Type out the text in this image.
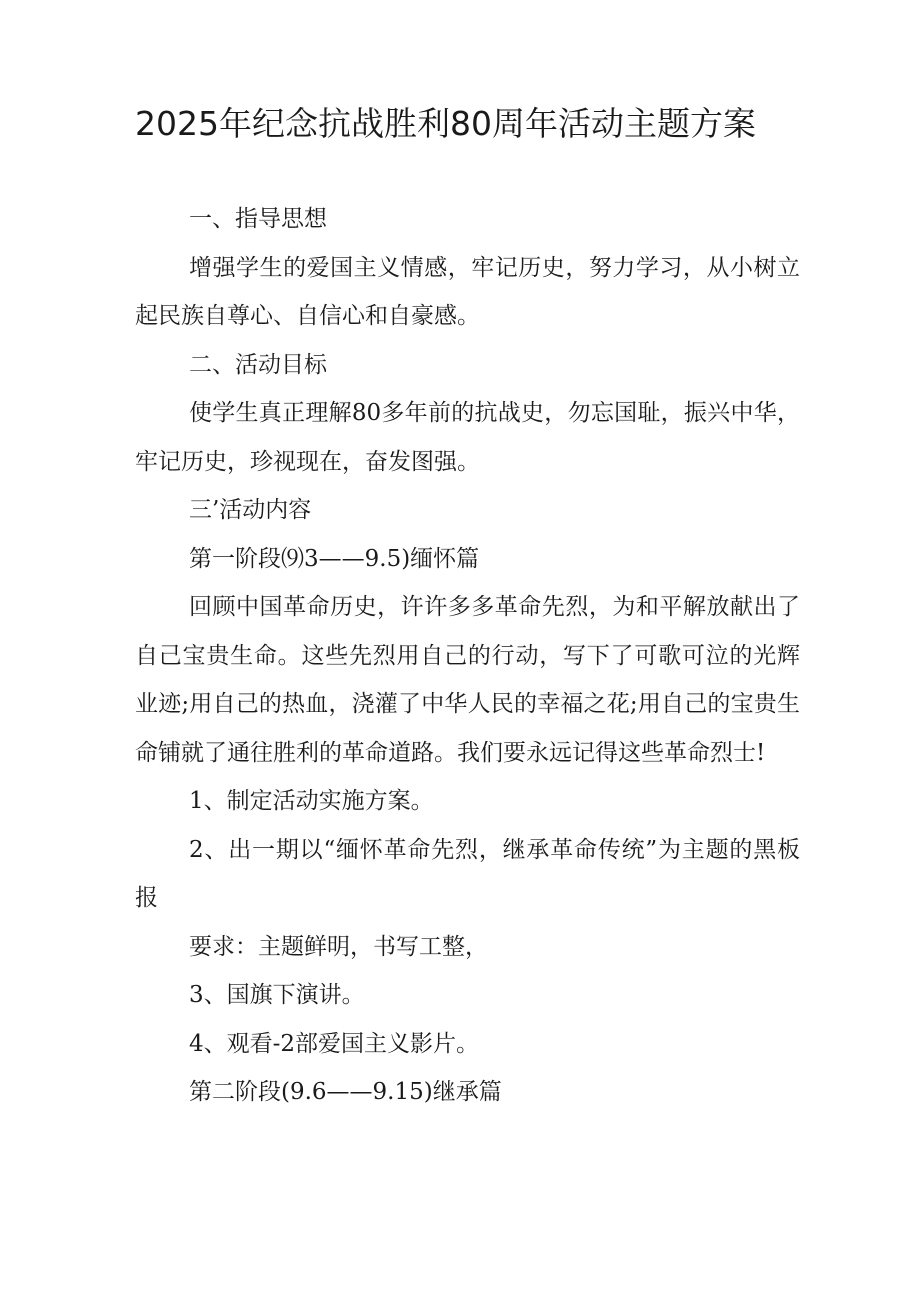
2025年纪念抗战胜利80周年活动主题方案

一、指导思想

增强学生的爱国主义情感，牢记历史，努力学习，从小树立起民族自尊心、自信心和自豪感。

二、活动目标

使学生真正理解80多年前的抗战史，勿忘国耻，振兴中华，牢记历史，珍视现在，奋发图强。

三’活动内容

第一阶段⑼3——9.5)缅怀篇

回顾中国革命历史，许许多多革命先烈，为和平解放献出了自己宝贵生命。这些先烈用自己的行动，写下了可歌可泣的光辉业迹;用自己的热血，浇灌了中华人民的幸福之花;用自己的宝贵生命铺就了通往胜利的革命道路。我们要永远记得这些革命烈士!

1、制定活动实施方案。

2、出一期以“缅怀革命先烈，继承革命传统”为主题的黑板报

要求：主题鲜明，书写工整，

3、国旗下演讲。

4、观看-2部爱国主义影片。

第二阶段(9.6——9.15)继承篇
